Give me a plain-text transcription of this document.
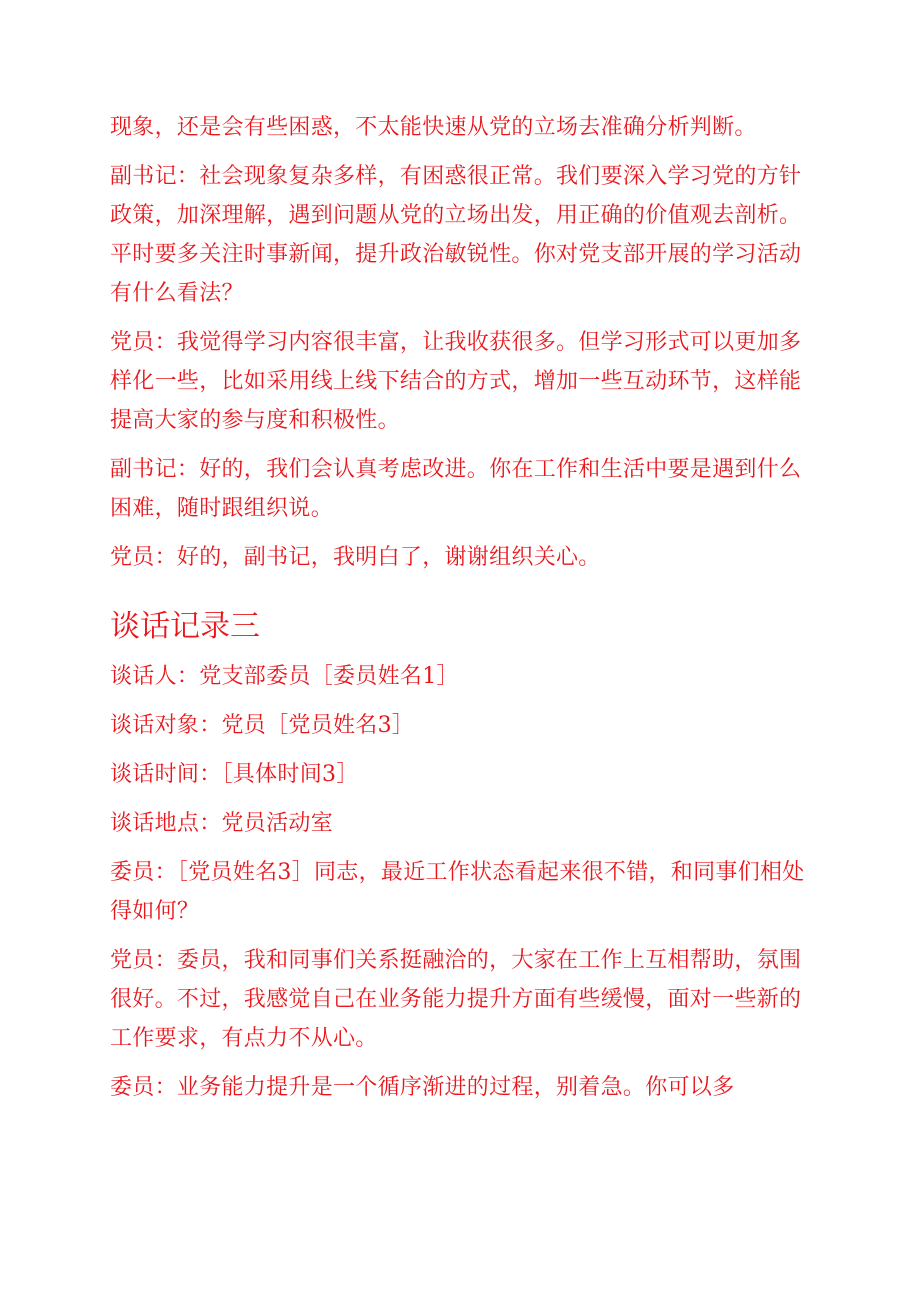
现象，还是会有些困惑，不太能快速从党的立场去准确分析判断。

副书记：社会现象复杂多样，有困惑很正常。我们要深入学习党的方针政策，加深理解，遇到问题从党的立场出发，用正确的价值观去剖析。平时要多关注时事新闻，提升政治敏锐性。你对党支部开展的学习活动有什么看法？

党员：我觉得学习内容很丰富，让我收获很多。但学习形式可以更加多样化一些，比如采用线上线下结合的方式，增加一些互动环节，这样能提高大家的参与度和积极性。

副书记：好的，我们会认真考虑改进。你在工作和生活中要是遇到什么困难，随时跟组织说。

党员：好的，副书记，我明白了，谢谢组织关心。

谈话记录三

谈话人：党支部委员［委员姓名1］

谈话对象：党员［党员姓名3］

谈话时间：［具体时间3］

谈话地点：党员活动室

委员：［党员姓名3］同志，最近工作状态看起来很不错，和同事们相处得如何？

党员：委员，我和同事们关系挺融洽的，大家在工作上互相帮助，氛围很好。不过，我感觉自己在业务能力提升方面有些缓慢，面对一些新的工作要求，有点力不从心。

委员：业务能力提升是一个循序渐进的过程，别着急。你可以多
